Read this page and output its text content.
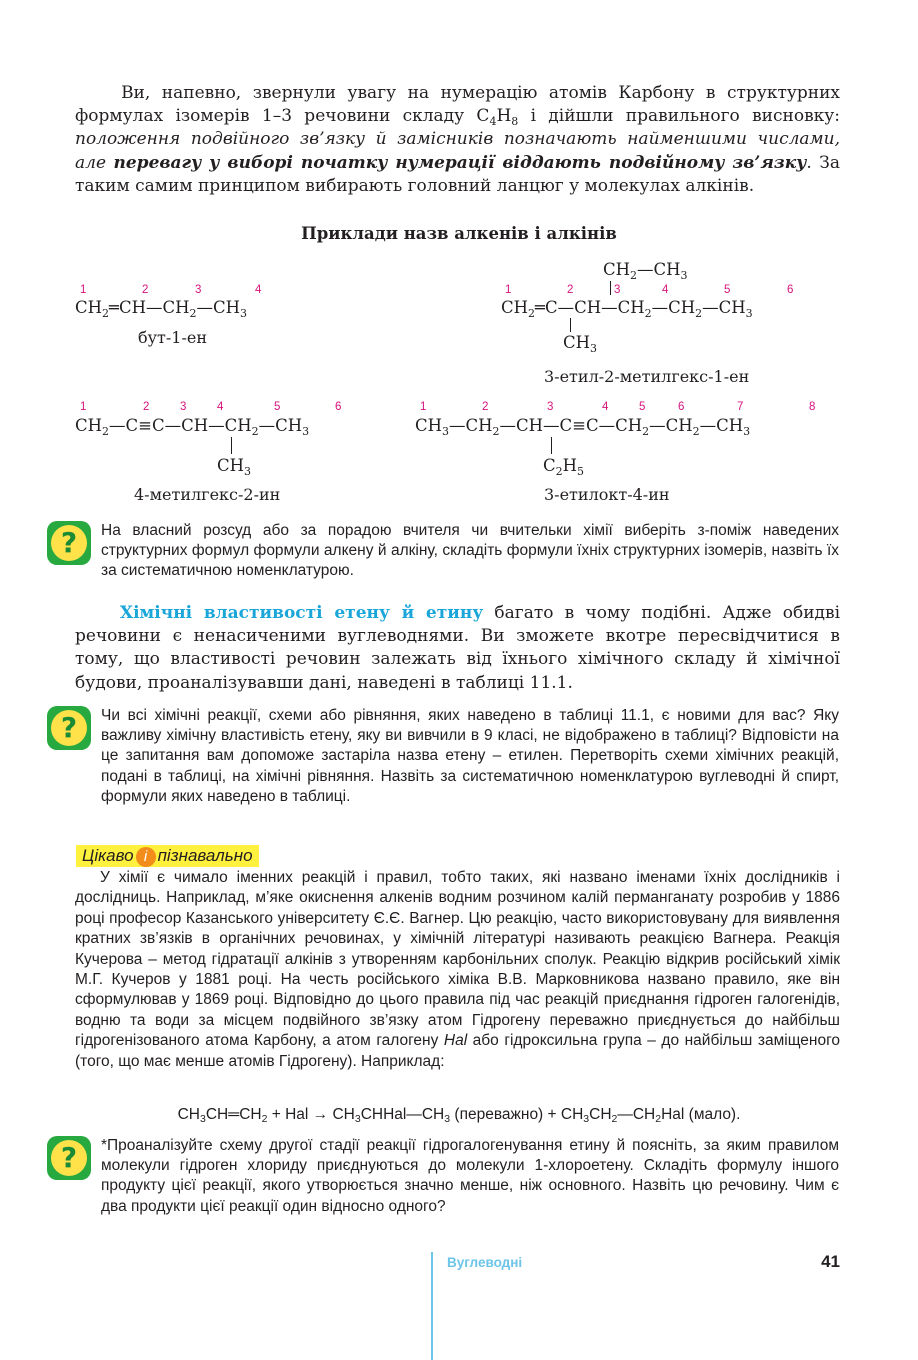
Ви, напевно, звернули увагу на нумерацію атомів Карбону в структурних формулах ізомерів 1–3 речовини складу $C_4H_8$ і дійшли правильного висновку: положення подвійного зв’язку й замісників позначають найменшими числами, але перевагу у виборі початку нумерації віддають подвійному зв’язку. За таким самим принципом вибирають головний ланцюг у молекулах алкінів.

Приклади назв алкенів і алкінів
1	2	3	4
$CH_2═CH—CH_2—CH_3$
бут-1-ен
$CH_2—CH_3$
1	2	3	4	5	6
$CH_2═C—CH—CH_2—CH_2—CH_3$
$CH_3$
3-етил-2-метилгекс-1-ен
1	2	3	4	5	6
$CH_2—C\equiv C—CH—CH_2—CH_3$
$CH_3$
4-метилгекс-2-ин
1	2	3	4	5	6	7	8
$CH_3—CH_2—CH—C\equiv C—CH_2—CH_2—CH_3$
$C_2H_5$
3-етилокт-4-ин
?	На власний розсуд або за порадою вчителя чи вчительки хімії виберіть з-поміж наведених структурних формул формули алкену й алкіну, складіть формули їхніх структурних ізомерів, назвіть їх за систематичною номенклатурою.

Хімічні властивості етену й етину багато в чому подібні. Адже обидві речовини є ненасиченими вуглеводнями. Ви зможете вкотре пересвідчитися в тому, що властивості речовин залежать від їхнього хімічного складу й хімічної будови, проаналізувавши дані, наведені в таблиці 11.1.

?	Чи всі хімічні реакції, схеми або рівняння, яких наведено в таблиці 11.1, є новими для вас? Яку важливу хімічну властивість етену, яку ви вивчили в 9 класі, не відображено в таблиці? Відповісти на це запитання вам допоможе застаріла назва етену – етилен. Перетворіть схеми хімічних реакцій, подані в таблиці, на хімічні рівняння. Назвіть за систематичною номенклатурою вуглеводні й спирт, формули яких наведено в таблиці.

Цікаво і пізнавально

У хімії є чимало іменних реакцій і правил, тобто таких, які названо іменами їхніх дослідників і дослідниць. Наприклад, м’яке окиснення алкенів водним розчином калій перманганату розробив у 1886 році професор Казанського університету Є.Є. Вагнер. Цю реакцію, часто використовувану для виявлення кратних зв’язків в органічних речовинах, у хімічній літературі називають реакцією Вагнера. Реакція Кучерова – метод гідратації алкінів з утворенням карбонільних сполук. Реакцію відкрив російський хімік М.Г. Кучеров у 1881 році. На честь російського хіміка В.В. Марковникова названо правило, яке він сформулював у 1869 році. Відповідно до цього правила під час реакцій приєднання гідроген галогенідів, водню та води за місцем подвійного зв’язку атом Гідрогену переважно приєднується до найбільш гідрогенізованого атома Карбону, а атом галогену Hal або гідроксильна група – до найбільш заміщеного (того, що має менше атомів Гідрогену). Наприклад:

$CH_3CH═CH_2$ + Hal → $CH_3CHHal—CH_3$ (переважно) + $CH_3CH_2—CH_2Hal$ (мало).
?	*Проаналізуйте схему другої стадії реакції гідрогалогенування етину й поясніть, за яким правилом молекули гідроген хлориду приєднуються до молекули 1-хлороетену. Складіть формулу іншого продукту цієї реакції, якого утворюється значно менше, ніж основного. Назвіть цю речовину. Чим є два продукти цієї реакції один відносно одного?

Вуглеводні	41
